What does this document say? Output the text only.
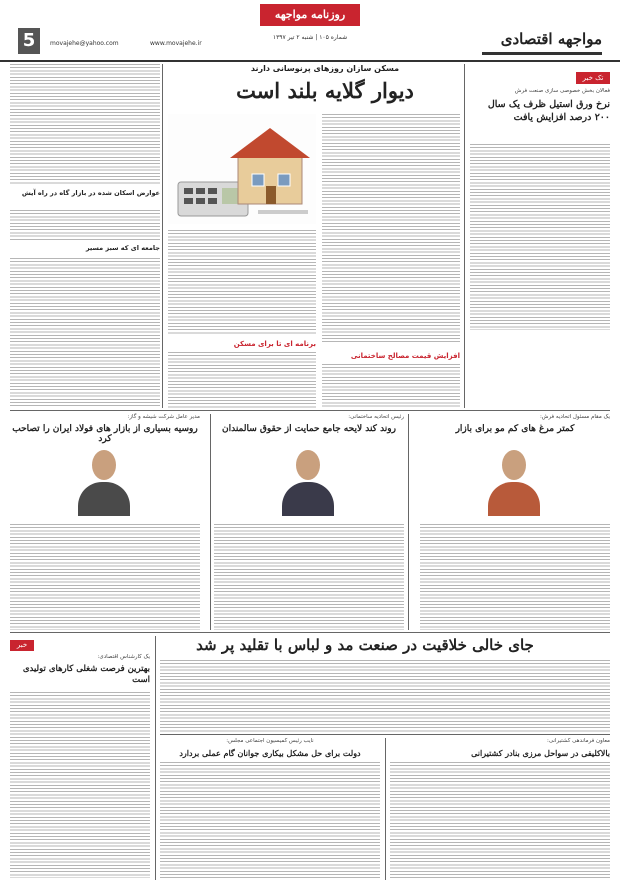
5
روزنامه مواجهه
شماره ۱۰۵ | شنبه ۲ تیر ۱۳۹۷
movajehe@yahoo.com	مواجهه اقتصادی
www.movajehe.ir
تک خبر
فعالان بخش خصوصی سازی صنعت فرش
نرخ ورق استیل ظرف یک سال ۲۰۰ درصد افزایش یافت
مسکن سازان روزهای پرنوسانی دارند
دیوار گلایه بلند است
افزایش قیمت مصالح ساختمانی
برنامه ای تا برای مسکن
عوارض اسکان شده در بازار گاه در راه آیش
جامعه ای که سبز مسیر
یک مقام مسئول اتحادیه فرش:
کمتر مرغ های کم مو برای بازار
رئیس اتحادیه ساختمانی:
روند کند لایحه جامع حمایت از حقوق سالمندان
مدیر عامل شرکت شیشه و گاز:
روسیه بسیاری از بازار های فولاد ایران را تصاحب کرد
جای خالی خلاقیت در صنعت مد و لباس با تقلید پر شد
خبر
یک کارشناس اقتصادی:
بهترین فرصت شغلی کارهای تولیدی است
معاون فرماندهی کشتیرانی:
بالاکلیفی در سواحل مرزی بنادر کشتیرانی
نایب رئیس کمیسیون اجتماعی مجلس:
دولت برای حل مشکل بیکاری جوانان گام عملی بردارد
